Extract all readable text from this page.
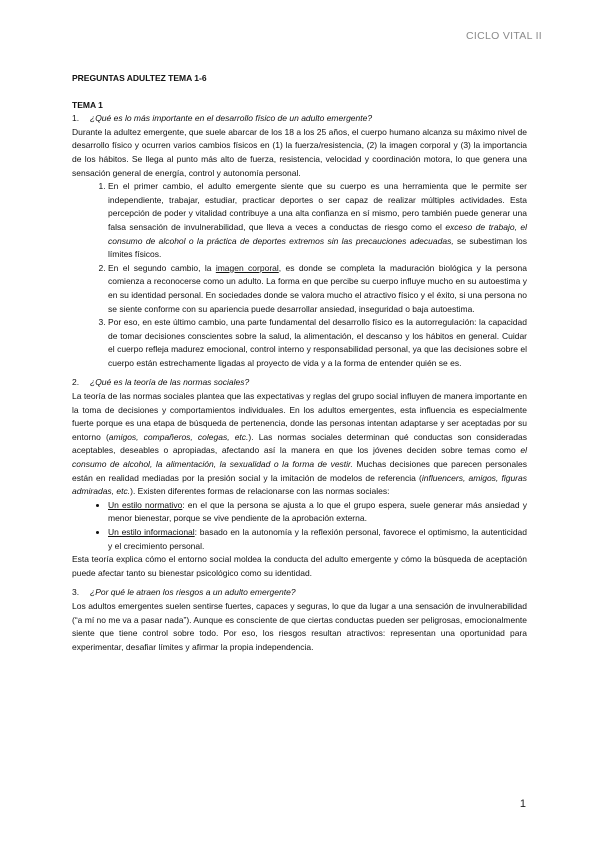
CICLO VITAL II
PREGUNTAS ADULTEZ TEMA 1-6
TEMA 1
1. ¿Qué es lo más importante en el desarrollo físico de un adulto emergente?

Durante la adultez emergente, que suele abarcar de los 18 a los 25 años, el cuerpo humano alcanza su máximo nivel de desarrollo físico y ocurren varios cambios físicos en (1) la fuerza/resistencia, (2) la imagen corporal y (3) la importancia de los hábitos. Se llega al punto más alto de fuerza, resistencia, velocidad y coordinación motora, lo que genera una sensación general de energía, control y autonomía personal.

1. En el primer cambio, el adulto emergente siente que su cuerpo es una herramienta que le permite ser independiente, trabajar, estudiar, practicar deportes o ser capaz de realizar múltiples actividades. Esta percepción de poder y vitalidad contribuye a una alta confianza en sí mismo, pero también puede generar una falsa sensación de invulnerabilidad, que lleva a veces a conductas de riesgo como el exceso de trabajo, el consumo de alcohol o la práctica de deportes extremos sin las precauciones adecuadas, se subestiman los límites físicos.
2. En el segundo cambio, la imagen corporal, es donde se completa la maduración biológica y la persona comienza a reconocerse como un adulto. La forma en que percibe su cuerpo influye mucho en su autoestima y en su identidad personal. En sociedades donde se valora mucho el atractivo físico y el éxito, si una persona no se siente conforme con su apariencia puede desarrollar ansiedad, inseguridad o baja autoestima.
3. Por eso, en este último cambio, una parte fundamental del desarrollo físico es la autorregulación: la capacidad de tomar decisiones conscientes sobre la salud, la alimentación, el descanso y los hábitos en general. Cuidar el cuerpo refleja madurez emocional, control interno y responsabilidad personal, ya que las decisiones sobre el cuerpo están estrechamente ligadas al proyecto de vida y a la forma de entender quién se es.
2. ¿Qué es la teoría de las normas sociales?

La teoría de las normas sociales plantea que las expectativas y reglas del grupo social influyen de manera importante en la toma de decisiones y comportamientos individuales. En los adultos emergentes, esta influencia es especialmente fuerte porque es una etapa de búsqueda de pertenencia, donde las personas intentan adaptarse y ser aceptadas por su entorno (amigos, compañeros, colegas, etc.). Las normas sociales determinan qué conductas son consideradas aceptables, deseables o apropiadas, afectando así la manera en que los jóvenes deciden sobre temas como el consumo de alcohol, la alimentación, la sexualidad o la forma de vestir. Muchas decisiones que parecen personales están en realidad mediadas por la presión social y la imitación de modelos de referencia (influencers, amigos, figuras admiradas, etc.). Existen diferentes formas de relacionarse con las normas sociales:

• Un estilo normativo: en el que la persona se ajusta a lo que el grupo espera, suele generar más ansiedad y menor bienestar, porque se vive pendiente de la aprobación externa.
• Un estilo informacional: basado en la autonomía y la reflexión personal, favorece el optimismo, la autenticidad y el crecimiento personal.

Esta teoría explica cómo el entorno social moldea la conducta del adulto emergente y cómo la búsqueda de aceptación puede afectar tanto su bienestar psicológico como su identidad.

3. ¿Por qué le atraen los riesgos a un adulto emergente?

Los adultos emergentes suelen sentirse fuertes, capaces y seguras, lo que da lugar a una sensación de invulnerabilidad (“a mí no me va a pasar nada”). Aunque es consciente de que ciertas conductas pueden ser peligrosas, emocionalmente siente que tiene control sobre todo. Por eso, los riesgos resultan atractivos: representan una oportunidad para experimentar, desafiar límites y afirmar la propia independencia.

1
